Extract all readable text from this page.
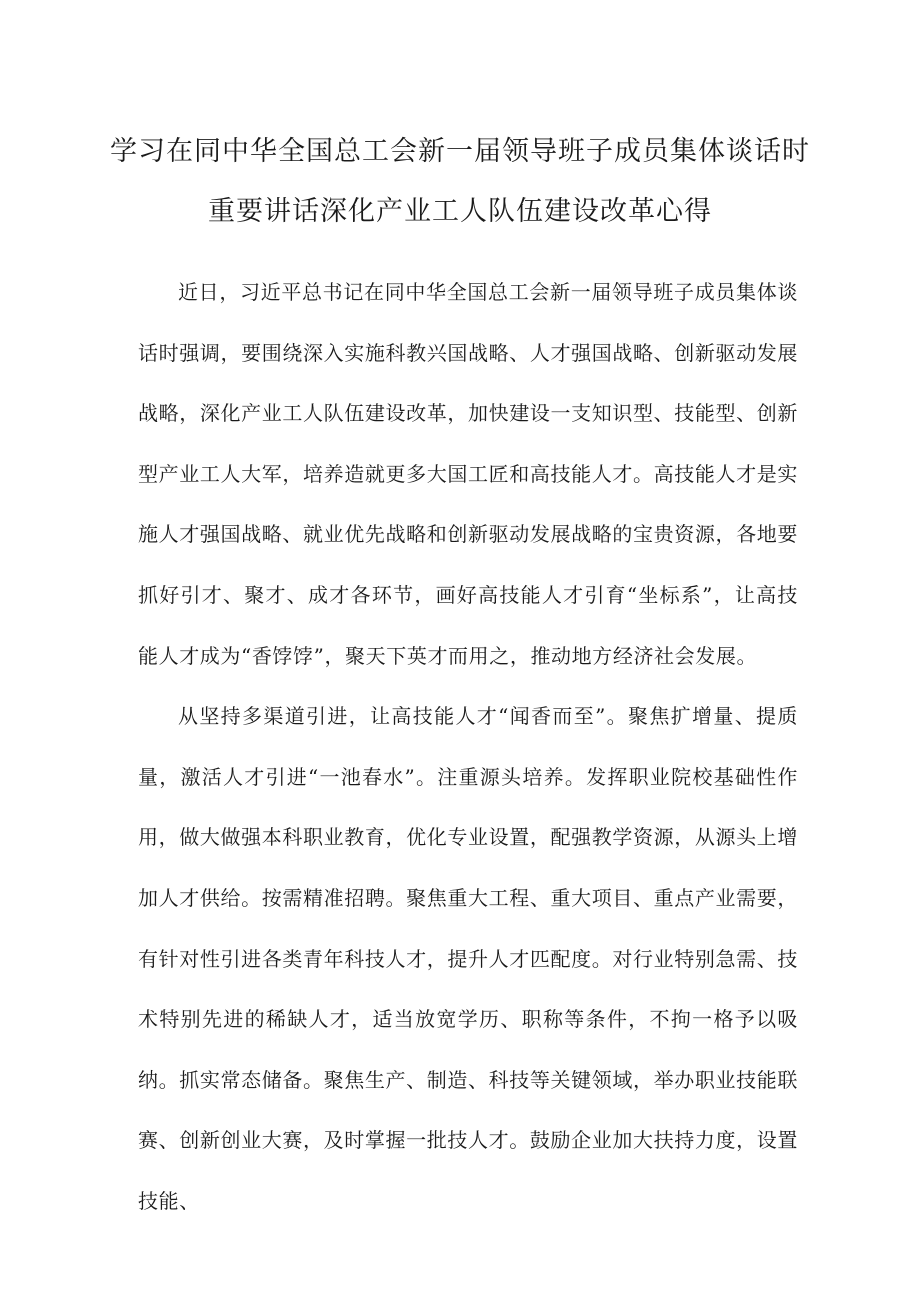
学习在同中华全国总工会新一届领导班子成员集体谈话时
重要讲话深化产业工人队伍建设改革心得

近日，习近平总书记在同中华全国总工会新一届领导班子成员集体谈话时强调，要围绕深入实施科教兴国战略、人才强国战略、创新驱动发展战略，深化产业工人队伍建设改革，加快建设一支知识型、技能型、创新型产业工人大军，培养造就更多大国工匠和高技能人才。高技能人才是实施人才强国战略、就业优先战略和创新驱动发展战略的宝贵资源，各地要抓好引才、聚才、成才各环节，画好高技能人才引育“坐标系”，让高技能人才成为“香饽饽”，聚天下英才而用之，推动地方经济社会发展。

从坚持多渠道引进，让高技能人才“闻香而至”。聚焦扩增量、提质量，激活人才引进“一池春水”。注重源头培养。发挥职业院校基础性作用，做大做强本科职业教育，优化专业设置，配强教学资源，从源头上增加人才供给。按需精准招聘。聚焦重大工程、重大项目、重点产业需要，有针对性引进各类青年科技人才，提升人才匹配度。对行业特别急需、技术特别先进的稀缺人才，适当放宽学历、职称等条件，不拘一格予以吸纳。抓实常态储备。聚焦生产、制造、科技等关键领域，举办职业技能联赛、创新创业大赛，及时掌握一批技人才。鼓励企业加大扶持力度，设置技能、
